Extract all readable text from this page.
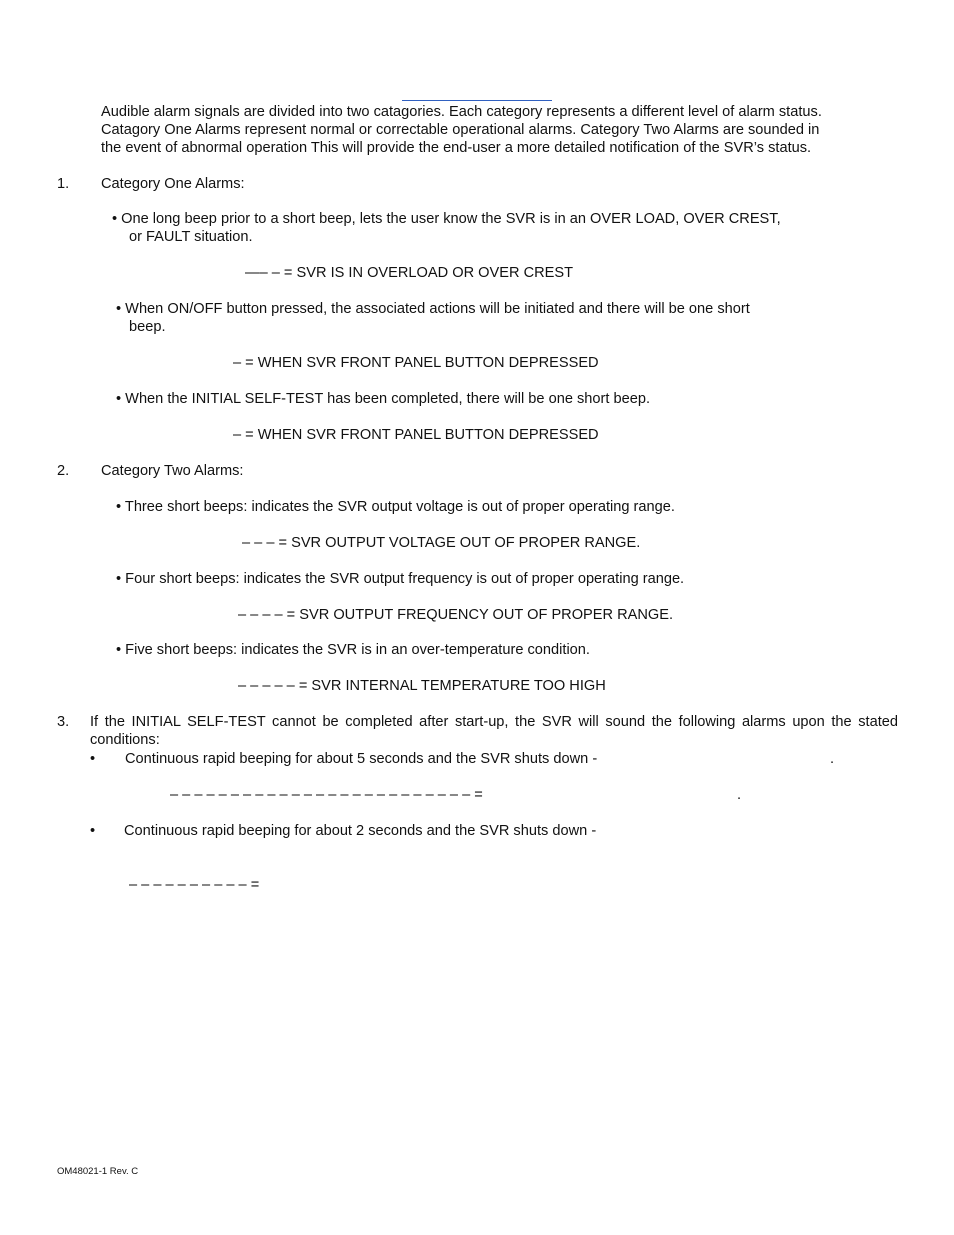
Audible alarm signals are divided into two catagories. Each category represents a different level of alarm status.
Catagory One Alarms represent normal or correctable operational alarms. Category Two Alarms are sounded in
the event of abnormal operation This will provide the end-user a more detailed notification of the SVR’s status.
1. Category One Alarms:
• One long beep prior to a short beep, lets the user know the SVR is in an OVER LOAD, OVER CREST,
or FAULT situation.
—– – = SVR IS IN OVERLOAD OR OVER CREST
• When ON/OFF button pressed, the associated actions will be initiated and there will be one short
beep.
– = WHEN SVR FRONT PANEL BUTTON DEPRESSED
• When the INITIAL SELF-TEST has been completed, there will be one short beep.
– = WHEN SVR FRONT PANEL BUTTON DEPRESSED
2. Category Two Alarms:
• Three short beeps: indicates the SVR output voltage is out of proper operating range.
– – – = SVR OUTPUT VOLTAGE OUT OF PROPER RANGE.
• Four short beeps: indicates the SVR output frequency is out of proper operating range.
– – – – = SVR OUTPUT FREQUENCY OUT OF PROPER RANGE.
• Five short beeps: indicates the SVR is in an over-temperature condition.
– – – – – = SVR INTERNAL TEMPERATURE TOO HIGH
3. If the INITIAL SELF-TEST cannot be completed after start-up, the SVR will sound the following alarms upon the stated conditions:
• Continuous rapid beeping for about 5 seconds and the SVR shuts down -	.
– – – – – – – – – – – – – – – – – – – – – – – – – =	.
• Continuous rapid beeping for about 2 seconds and the SVR shuts down -
– – – – – – – – – – =
OM48021-1 Rev. C
